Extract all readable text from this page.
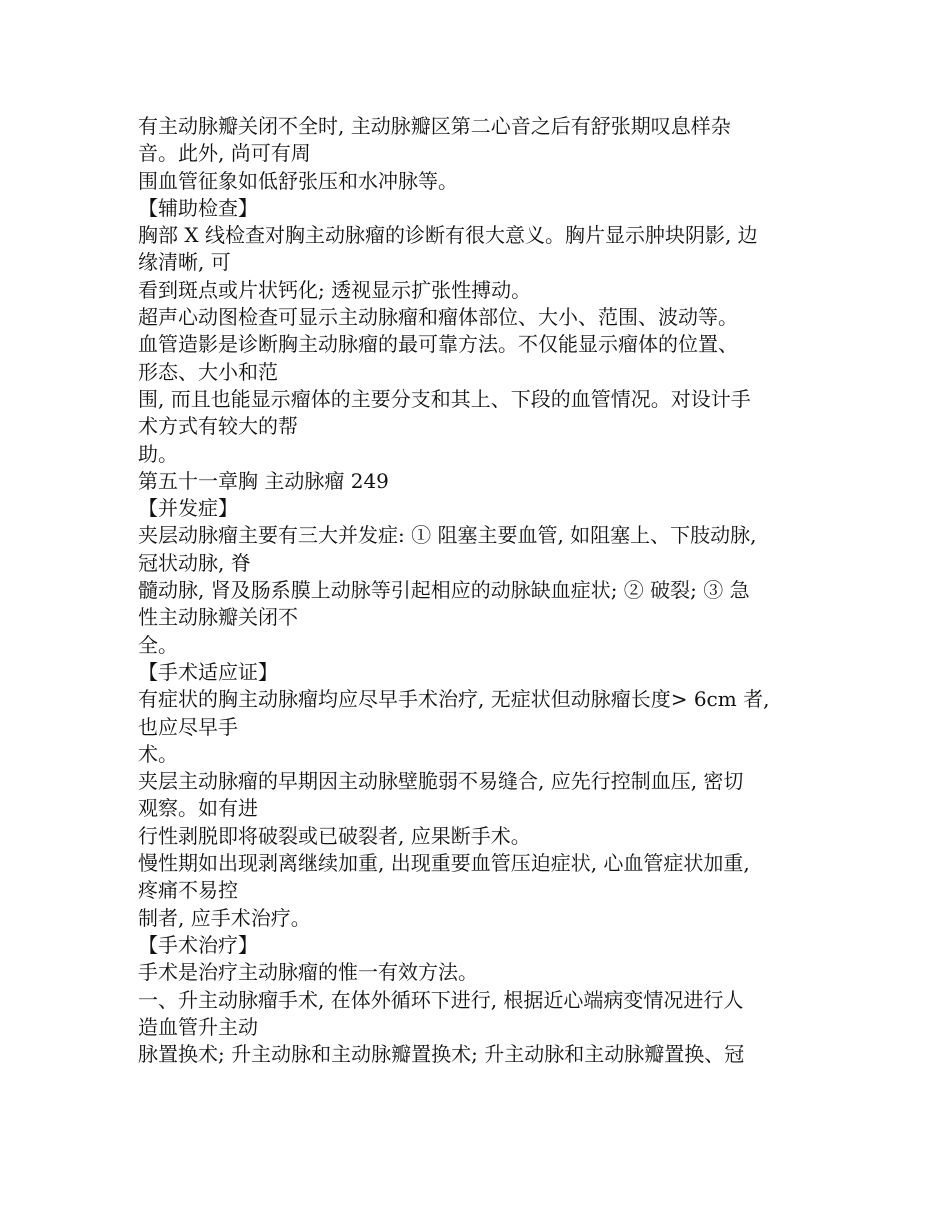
有主动脉瓣关闭不全时, 主动脉瓣区第二心音之后有舒张期叹息样杂

音。此外, 尚可有周

围血管征象如低舒张压和水冲脉等。

【辅助检查】

胸部 X 线检查对胸主动脉瘤的诊断有很大意义。胸片显示肿块阴影, 边

缘清晰, 可

看到斑点或片状钙化; 透视显示扩张性搏动。

超声心动图检查可显示主动脉瘤和瘤体部位、大小、范围、波动等。

血管造影是诊断胸主动脉瘤的最可靠方法。不仅能显示瘤体的位置、

形态、大小和范

围, 而且也能显示瘤体的主要分支和其上、下段的血管情况。对设计手

术方式有较大的帮

助。

第五十一章胸 主动脉瘤 249

【并发症】

夹层动脉瘤主要有三大并发症: ① 阻塞主要血管, 如阻塞上、下肢动脉,

冠状动脉, 脊

髓动脉, 肾及肠系膜上动脉等引起相应的动脉缺血症状; ② 破裂; ③ 急

性主动脉瓣关闭不

全。

【手术适应证】

有症状的胸主动脉瘤均应尽早手术治疗, 无症状但动脉瘤长度> 6cm 者,

也应尽早手

术。

夹层主动脉瘤的早期因主动脉壁脆弱不易缝合, 应先行控制血压, 密切

观察。如有进

行性剥脱即将破裂或已破裂者, 应果断手术。

慢性期如出现剥离继续加重, 出现重要血管压迫症状, 心血管症状加重,

疼痛不易控

制者, 应手术治疗。

【手术治疗】

手术是治疗主动脉瘤的惟一有效方法。

一、升主动脉瘤手术, 在体外循环下进行, 根据近心端病变情况进行人

造血管升主动

脉置换术; 升主动脉和主动脉瓣置换术; 升主动脉和主动脉瓣置换、冠
